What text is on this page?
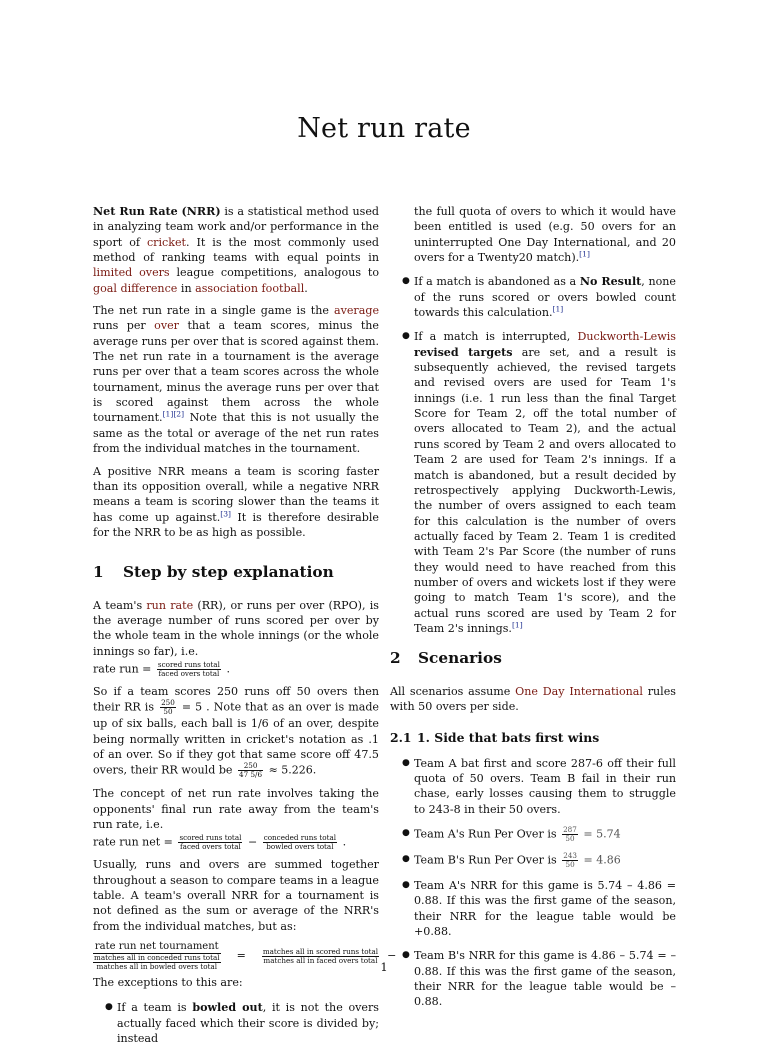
Net run rate

Net Run Rate (NRR) is a statistical method used in analyzing team work and/or performance in the sport of cricket. It is the most commonly used method of ranking teams with equal points in limited overs league competitions, analogous to goal difference in association football.

The net run rate in a single game is the average runs per over that a team scores, minus the average runs per over that is scored against them. The net run rate in a tournament is the average runs per over that a team scores across the whole tournament, minus the average runs per over that is scored against them across the whole tournament.[1][2] Note that this is not usually the same as the total or average of the net run rates from the individual matches in the tournament.

A positive NRR means a team is scoring faster than its opposition overall, while a negative NRR means a team is scoring slower than the teams it has come up against.[3] It is therefore desirable for the NRR to be as high as possible.

1 Step by step explanation

A team's run rate (RR), or runs per over (RPO), is the average number of runs scored per over by the whole team in the whole innings (or the whole innings so far), i.e.

rate run = $\frac{\text{scored runs total}}{\text{faced overs total}}$ .

So if a team scores 250 runs off 50 overs then their RR is $\frac{250}{50} = 5$ . Note that as an over is made up of six balls, each ball is 1/6 of an over, despite being normally written in cricket's notation as .1 of an over. So if they got that same score off 47.5 overs, their RR would be $\frac{250}{47 5/6} \approx 5.226$.

The concept of net run rate involves taking the opponents' final run rate away from the team's run rate, i.e.

rate run net = $\frac{\text{scored runs total}}{\text{faced overs total}} - \frac{\text{conceded runs total}}{\text{bowled overs total}}$ .

Usually, runs and overs are summed together throughout a season to compare teams in a league table. A team's overall NRR for a tournament is not defined as the sum or average of the NRR's from the individual matches, but as:

rate run net tournament
$\frac{\text{matches all in conceded runs total}}{\text{matches all in bowled overs total}} = \frac{\text{matches all in scored runs total}}{\text{matches all in faced overs total}}$ −

The exceptions to this are:

● If a team is bowled out, it is not the overs actually faced which their score is divided by; instead

the full quota of overs to which it would have been entitled is used (e.g. 50 overs for an uninterrupted One Day International, and 20 overs for a Twenty20 match).[1]

● If a match is abandoned as a No Result, none of the runs scored or overs bowled count towards this calculation.[1]
● If a match is interrupted, Duckworth-Lewis revised targets are set, and a result is subsequently achieved, the revised targets and revised overs are used for Team 1's innings (i.e. 1 run less than the final Target Score for Team 2, off the total number of overs allocated to Team 2), and the actual runs scored by Team 2 and overs allocated to Team 2 are used for Team 2's innings. If a match is abandoned, but a result decided by retrospectively applying Duckworth-Lewis, the number of overs assigned to each team for this calculation is the number of overs actually faced by Team 2. Team 1 is credited with Team 2's Par Score (the number of runs they would need to have reached from this number of overs and wickets lost if they were going to match Team 1's score), and the actual runs scored are used by Team 2 for Team 2's innings.[1]
2 Scenarios

All scenarios assume One Day International rules with 50 overs per side.

2.1 1. Side that bats first wins
● Team A bat first and score 287-6 off their full quota of 50 overs. Team B fail in their run chase, early losses causing them to struggle to 243-8 in their 50 overs.
● Team A's Run Per Over is $\frac{287}{50} = 5.74$
● Team B's Run Per Over is $\frac{243}{50} = 4.86$
● Team A's NRR for this game is 5.74 – 4.86 = 0.88. If this was the first game of the season, their NRR for the league table would be +0.88.
● Team B's NRR for this game is 4.86 – 5.74 = –0.88. If this was the first game of the season, their NRR for the league table would be –0.88.
1
